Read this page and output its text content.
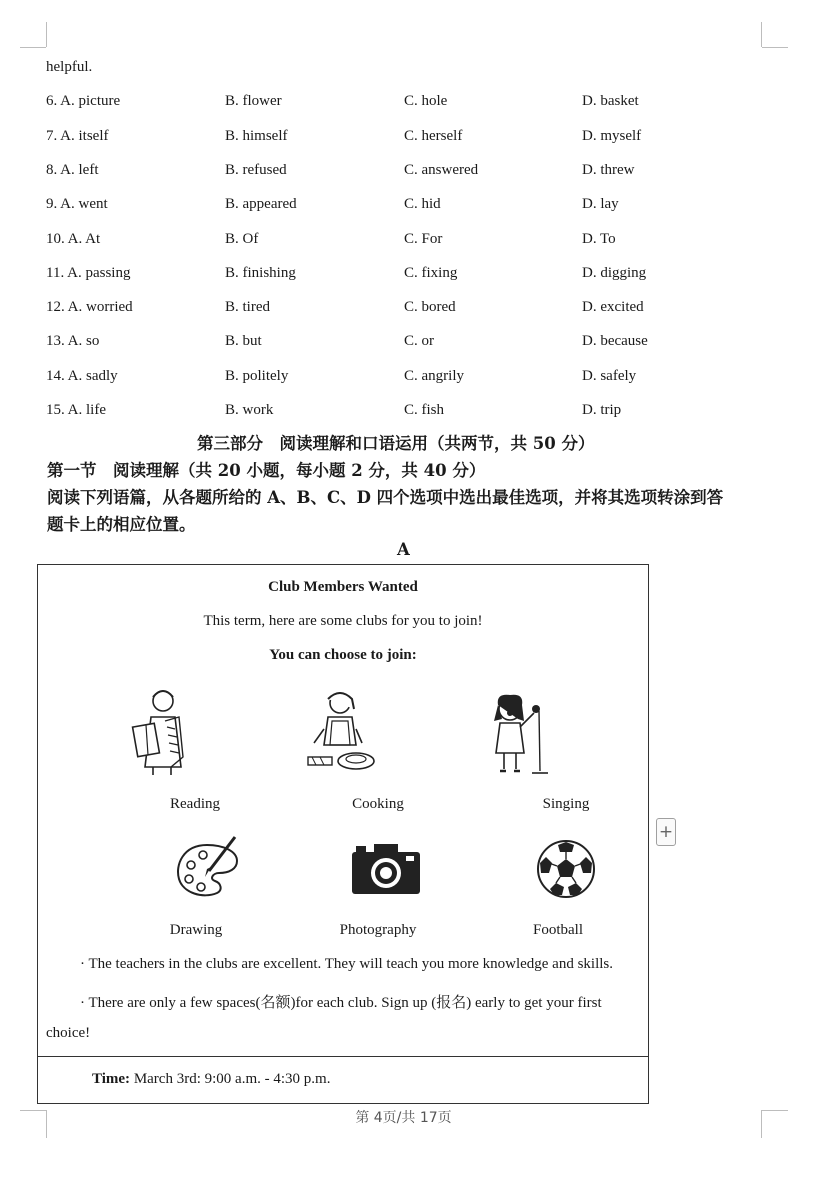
helpful.
6. A. picture	B. flower	C. hole	D. basket
7. A. itself	B. himself	C. herself	D. myself
8. A. left	B. refused	C. answered	D. threw
9. A. went	B. appeared	C. hid	D. lay
10. A. At	B. Of	C. For	D. To
11. A. passing	B. finishing	C. fixing	D. digging
12. A. worried	B. tired	C. bored	D. excited
13. A. so	B. but	C. or	D. because
14. A. sadly	B. politely	C. angrily	D. safely
15. A. life	B. work	C. fish	D. trip
第三部分　阅读理解和口语运用（共两节，共 50 分）
第一节　阅读理解（共 20 小题，每小题 2 分，共 40 分）
阅读下列语篇，从各题所给的 A、B、C、D 四个选项中选出最佳选项，并将其选项转涂到答
题卡上的相应位置。
A
Club Members Wanted
This term, here are some clubs for you to join!
You can choose to join:
Reading	Cooking	Singing
Drawing	Photography	Football
· The teachers in the clubs are excellent. They will teach you more knowledge and skills.
· There are only a few spaces(名额)for each club. Sign up (报名) early to get your first
choice!
Time: March 3rd: 9:00 a.m. - 4:30 p.m.
+
第 4页/共 17页
